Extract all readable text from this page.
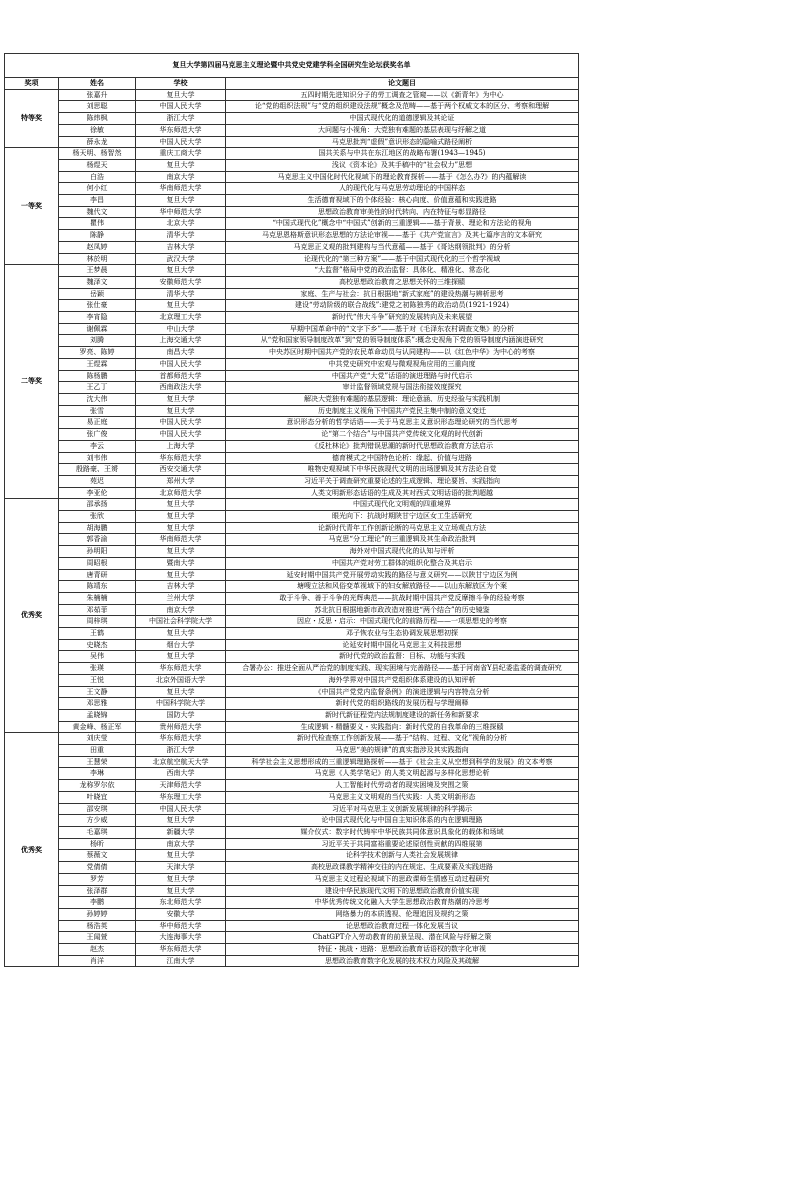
复旦大学第四届马克思主义理论暨中共党史党建学科全国研究生论坛获奖名单			
奖项	姓名	学校	论文题目
特等奖	张嘉升	复旦大学	五四时期先进知识分子的劳工调查之管窥——以《新青年》为中心
	刘思聪	中国人民大学	论“党的组织法规”与“党的组织建设法规”概念及范畴——基于两个权威文本的区分、考察和理解
	陈炜枫	浙江大学	中国式现代化的道德逻辑及其论证
	徐敏	华东师范大学	大问题与小视角：大党独有难题的基层表现与纾解之道
	薛永龙	中国人民大学	马克思批判“虚假”意识形态的隐喻式路径阐析
一等奖	杨天明、杨智然	重庆工商大学	国共关系与中共在东江地区的战略布署(1943—1945)
	杨煜天	复旦大学	浅议《资本论》及其手稿中的“社会权力”思想
	白浩	南京大学	马克思主义中国化时代化视域下的理论教育探析——基于《怎么办?》的内蕴解读
	何小红	华南师范大学	人的现代化与马克思劳动理论的中国样态
	李昌	复旦大学	生活德育视域下的个体经验：核心向度、价值意蕴和实践进路
	魏代文	华中师范大学	思想政治教育审美性的时代转向、内在特征与彰显路径
	瞿伟	北京大学	“中国式现代化”概念中“中国式”创新的三重逻辑——基于背景、理论和方法论的视角
	陈静	清华大学	马克思恩格斯意识形态思想的方法论审视——基于《共产党宣言》及其七篇序言的文本研究
	赵凤婷	吉林大学	马克思正义观的批判建构与当代意蕴——基于《哥达纲领批判》的分析
	林於明	武汉大学	论现代化的“第三种方案”——基于中国式现代化的三个哲学视域
二等奖	王梦晨	复旦大学	“大监督”格局中党的政治监督：具体化、精准化、常态化
	魏泽文	安徽师范大学	高校思想政治教育之思想关怀的三维探赜
	岳颖	清华大学	家庭、生产与社会：抗日根据地“新式家庭”的建设热潮与辨析思考
	张仕豪	复旦大学	建设“劳动阶级的联合战线”:建党之初陈独秀的政治动员(1921-1924)
	李宵隐	北京理工大学	新时代“伟大斗争”研究的发展转向及未来展望
	谢佩霖	中山大学	早期中国革命中的“文字下乡”——基于对《毛泽东农村调查文集》的分析
	刘腾	上海交通大学	从“党和国家领导制度改革”到“党的领导制度体系”:概念史视角下党的领导制度内涵演进研究
	罗亮、陈婷	南昌大学	中央苏区时期中国共产党的农民革命动员与认同建构——以《红色中华》为中心的考察
	王煜霖	中国人民大学	中共党史研究中宏观与微观视角应用的三重向度
	陈杨鹏	首都师范大学	中国共产党“大党”话语的演进理路与时代启示
	王乙丁	西南政法大学	审计监督领域党规与国法衔接效度探究
	沈大伟	复旦大学	解决大党独有难题的基层逻辑：理论意涵、历史经验与实践机制
	张雪	复旦大学	历史制度主义视角下中国共产党民主集中制的意义变迁
	易正庭	中国人民大学	意识形态分析的哲学话语——关于马克思主义意识形态理论研究的当代思考
	张广俊	中国人民大学	论“第二个结合”与中国共产党传统文化观的时代创新
	李云	上海大学	《反杜林论》批判错误思潮的新时代思想政治教育方法启示
	刘韦伟	华东师范大学	德育模式之中国特色论析：缘起、价值与进路
	殷路豪、王赟	西安交通大学	唯物史观视域下中华民族现代文明的出场逻辑及其方法论自觉
	苑迟	郑州大学	习近平关于调查研究重要论述的生成逻辑、理论要旨、实践指向
	李亚伦	北京师范大学	人类文明新形态话语的生成及其对西式文明话语的批判超越
优秀奖	邵承扬	复旦大学	中国式现代化文明观的四重境界
	张欣	复旦大学	眼光向下：抗战时期陕甘宁边区女工生活研究
	胡海鹏	复旦大学	论新时代青年工作创新论断的马克思主义立场观点方法
	郭香渝	华南师范大学	马克思“分工理论”的三重逻辑及其生命政治批判
	孙明阳	复旦大学	海外对中国式现代化的认知与评析
	周昭根	暨南大学	中国共产党对劳工群体的组织化整合及其启示
	唐青研	复旦大学	延安时期中国共产党开展劳动实践的路径与意义研究——以陕甘宁边区为例
	陈靖东	吉林大学	塘嗖立法和风俗变革视域下的妇女解放路径——以山东解放区为个案
	朱楠楠	兰州大学	敢于斗争、善于斗争的光辉典范——抗战时期中国共产党反摩擦斗争的经验考察
	邓茹菲	南京大学	苏北抗日根据地新市政改造对推进“两个结合”的历史镜鉴
	周梓琪	中国社会科学院大学	因应・反思・启示：中国式现代化的前路历程——一项思想史的考察
	王鹤	复旦大学	邓子恢农业与生态协调发展思想初探
	史晓杰	烟台大学	论延安时期中国化马克思主义科技思想
	吴伟	复旦大学	新时代党的政治监督：目标、功能与实践
	张瑛	华东师范大学	合署办公：推进全面从严治党的制度实践、现实困境与完善路径——基于河南省Y县纪委监委的调查研究
	王悦	北京外国语大学	海外学界对中国共产党组织体系建设的认知评析
	王文静	复旦大学	《中国共产党党内监督条例》的演进逻辑与内容特点分析
	邓思雅	中国科学院大学	新时代党的组织路线的发展历程与学理阐释
	孟晓锦	国防大学	新时代新征程党内法规制度建设的新任务和新要求
	黄金峰、杨正军	贵州师范大学	生成逻辑・精髓要义・实践指向：新时代党的自我革命的三维探赜
优秀奖	刘庆莹	华东师范大学	新时代检查察工作创新发展——基于“结构、过程、文化”视角的分析
	田重	浙江大学	马克思“美的规律”的真实指涉及其实践指向
	王慧荣	北京航空航天大学	科学社会主义思想形成的三重逻辑理路探析——基于《社会主义从空想到科学的发展》的文本考察
	李琳	西南大学	马克思《人类学笔记》的人类文明起源与多样化思想论析
	龙称罗尔依	天津师范大学	人工智能时代劳动者的现实困境及突围之策
	叶晓宜	华东理工大学	马克思主义文明观的当代实践：人类文明新形态
	邵安琪	中国人民大学	习近平对马克思主义创新发展规律的科学揭示
	方少威	复旦大学	论中国式现代化与中国自主知识体系的内在逻辑理路
	毛嘉琪	新疆大学	媒介仪式：数字时代铸牢中华民族共同体意识具象化的载体和场域
	杨昕	南京大学	习近平关于共同富裕重要论述原创性贡献的四维展第
	蔡薇文	复旦大学	论科学技术创新与人类社会发展规律
	党倩倩	天津大学	高校思政课教学精神交往的内在规定、生成要素及实践进路
	罗芳	复旦大学	马克思主义过程论视域下的思政课师生情感互动过程研究
	张泽群	复旦大学	建设中华民族现代文明下的思想政治教育价值实现
	李鹏	东北师范大学	中华优秀传统文化融入大学生思想政治教育热潮的冷思考
	孙婷婷	安徽大学	网络暴力的本质透视、伦理追因及规约之策
	杨浩英	华中师范大学	论思想政治教育过程一体化发展当议
	王闻萱	大连海事大学	ChatGPT介入劳动教育的前景呈现、潜在风险与纾解之策
	赵杰	华东师范大学	特征・挑战・进路：思想政治教育话语权的数字化审视
	肖洋	江南大学	思想政治教育数字化发展的技术权力风险及其疏解
